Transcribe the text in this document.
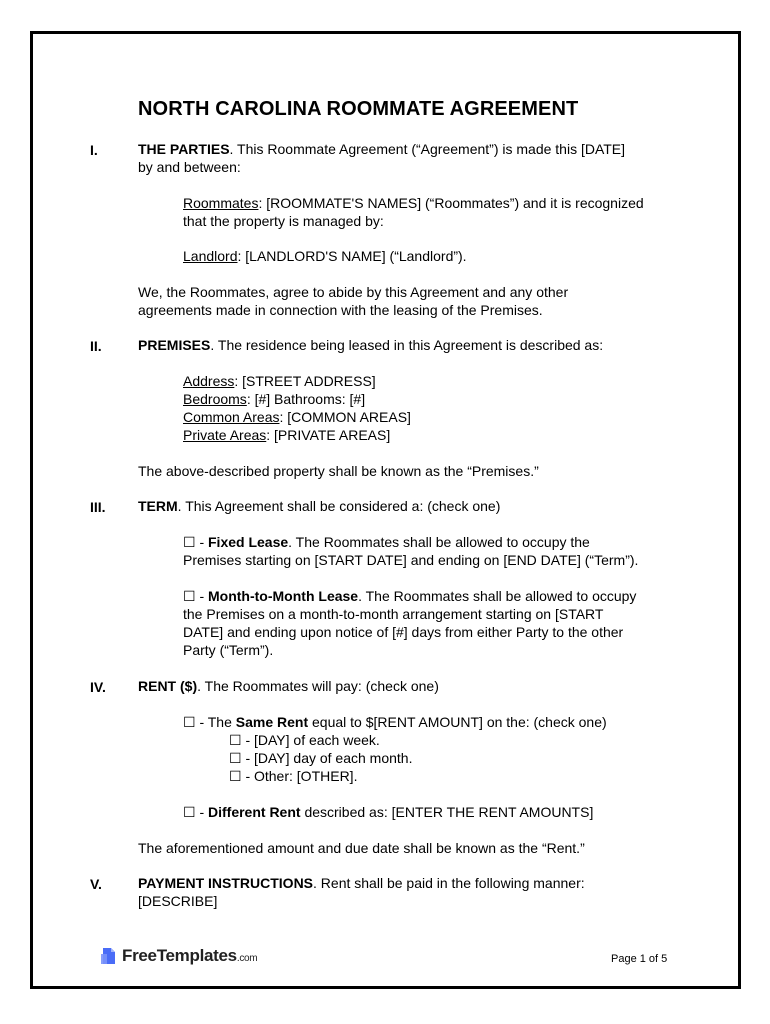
NORTH CAROLINA ROOMMATE AGREEMENT
I.	THE PARTIES. This Roommate Agreement (“Agreement”) is made this [DATE]
by and between:
Roommates: [ROOMMATE'S NAMES] (“Roommates”) and it is recognized
that the property is managed by:
Landlord: [LANDLORD'S NAME] (“Landlord”).
We, the Roommates, agree to abide by this Agreement and any other
agreements made in connection with the leasing of the Premises.
II.	PREMISES. The residence being leased in this Agreement is described as:
Address: [STREET ADDRESS]
Bedrooms: [#] Bathrooms: [#]
Common Areas: [COMMON AREAS]
Private Areas: [PRIVATE AREAS]
The above-described property shall be known as the “Premises.”
III. TERM. This Agreement shall be considered a: (check one)
☐ - Fixed Lease. The Roommates shall be allowed to occupy the
Premises starting on [START DATE] and ending on [END DATE] (“Term”).
☐ - Month-to-Month Lease. The Roommates shall be allowed to occupy
the Premises on a month-to-month arrangement starting on [START
DATE] and ending upon notice of [#] days from either Party to the other
Party (“Term”).
IV. RENT ($). The Roommates will pay: (check one)
☐ - The Same Rent equal to $[RENT AMOUNT] on the: (check one)
☐ - [DAY] of each week.
☐ - [DAY] day of each month.
☐ - Other: [OTHER].
☐ - Different Rent described as: [ENTER THE RENT AMOUNTS]
The aforementioned amount and due date shall be known as the “Rent.”
V.	PAYMENT INSTRUCTIONS. Rent shall be paid in the following manner:
[DESCRIBE]
FreeTemplates.com	Page 1 of 5
